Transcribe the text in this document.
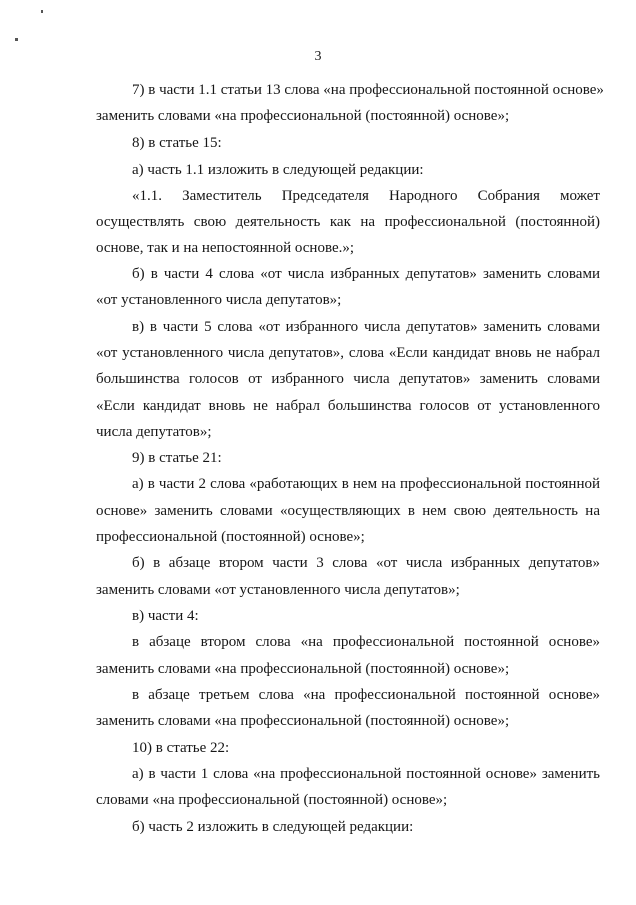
3
7) в части 1.1 статьи 13 слова «на профессиональной постоянной основе»
заменить словами «на профессиональной (постоянной) основе»;
8) в статье 15:
а) часть 1.1 изложить в следующей редакции:
«1.1. Заместитель Председателя Народного Собрания может
осуществлять свою деятельность как на профессиональной (постоянной)
основе, так и на непостоянной основе.»;
б) в части 4 слова «от числа избранных депутатов» заменить словами
«от установленного числа депутатов»;
в) в части 5 слова «от избранного числа депутатов» заменить словами
«от установленного числа депутатов», слова «Если кандидат вновь не набрал
большинства голосов от избранного числа депутатов» заменить словами
«Если кандидат вновь не набрал большинства голосов от установленного
числа депутатов»;
9) в статье 21:
а) в части 2 слова «работающих в нем на профессиональной постоянной
основе» заменить словами «осуществляющих в нем свою деятельность на
профессиональной (постоянной) основе»;
б) в абзаце втором части 3 слова «от числа избранных депутатов»
заменить словами «от установленного числа депутатов»;
в) части 4:
в абзаце втором слова «на профессиональной постоянной основе»
заменить словами «на профессиональной (постоянной) основе»;
в абзаце третьем слова «на профессиональной постоянной основе»
заменить словами «на профессиональной (постоянной) основе»;
10) в статье 22:
а) в части 1 слова «на профессиональной постоянной основе» заменить
словами «на профессиональной (постоянной) основе»;
б) часть 2 изложить в следующей редакции:
